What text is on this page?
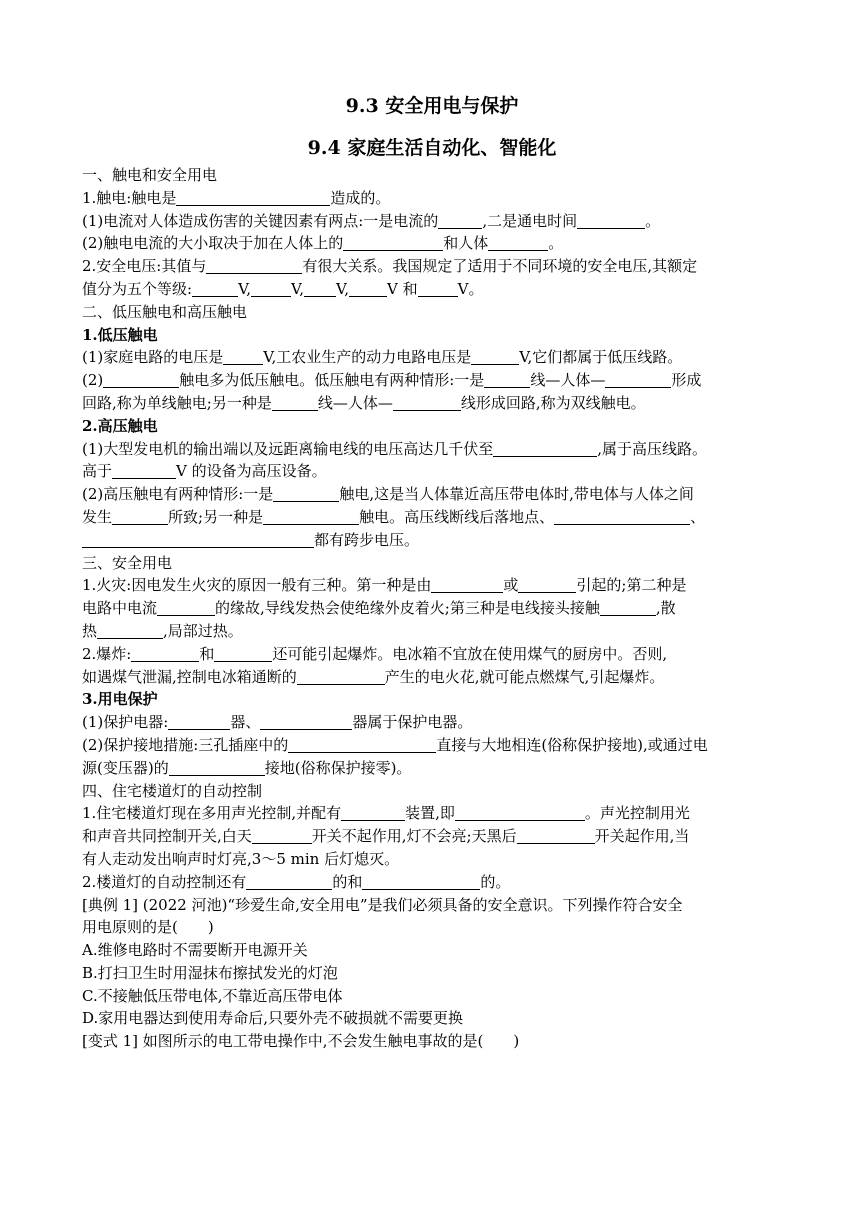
9.3 安全用电与保护
9.4 家庭生活自动化、智能化
一、触电和安全用电
1.触电:触电是	造成的。
(1)电流对人体造成伤害的关键因素有两点:一是电流的	,二是通电时间	。
(2)触电电流的大小取决于加在人体上的	和人体	。
2.安全电压:其值与	有很大关系。我国规定了适用于不同环境的安全电压,其额定
值分为五个等级:	V,	V, V,	V 和	V。
二、低压触电和高压触电
1.低压触电
(1)家庭电路的电压是	V,工农业生产的动力电路电压是	V,它们都属于低压线路。
(2)	触电多为低压触电。低压触电有两种情形:一是	线—人体—	形成
回路,称为单线触电;另一种是	线—人体—	线形成回路,称为双线触电。
2.高压触电
(1)大型发电机的输出端以及远距离输电线的电压高达几千伏至	,属于高压线路。
高于	V 的设备为高压设备。
(2)高压触电有两种情形:一是	触电,这是当人体靠近高压带电体时,带电体与人体之间
发生	所致;另一种是	触电。高压线断线后落地点、	、
都有跨步电压。
三、安全用电
1.火灾:因电发生火灾的原因一般有三种。第一种是由	或	引起的;第二种是
电路中电流	的缘故,导线发热会使绝缘外皮着火;第三种是电线接头接触	,散
热	,局部过热。
2.爆炸:	和	还可能引起爆炸。电冰箱不宜放在使用煤气的厨房中。否则,
如遇煤气泄漏,控制电冰箱通断的	产生的电火花,就可能点燃煤气,引起爆炸。
3.用电保护
(1)保护电器:	器、	器属于保护电器。
(2)保护接地措施:三孔插座中的	直接与大地相连(俗称保护接地),或通过电
源(变压器)的	接地(俗称保护接零)。
四、住宅楼道灯的自动控制
1.住宅楼道灯现在多用声光控制,并配有	装置,即	。声光控制用光
和声音共同控制开关,白天	开关不起作用,灯不会亮;天黑后	开关起作用,当
有人走动发出响声时灯亮,3～5 min 后灯熄灭。
2.楼道灯的自动控制还有	的和	的。
[典例 1] (2022 河池)“珍爱生命,安全用电”是我们必须具备的安全意识。下列操作符合安全
用电原则的是(　　)
A.维修电路时不需要断开电源开关
B.打扫卫生时用湿抹布擦拭发光的灯泡
C.不接触低压带电体,不靠近高压带电体
D.家用电器达到使用寿命后,只要外壳不破损就不需要更换
[变式 1] 如图所示的电工带电操作中,不会发生触电事故的是(　　)
